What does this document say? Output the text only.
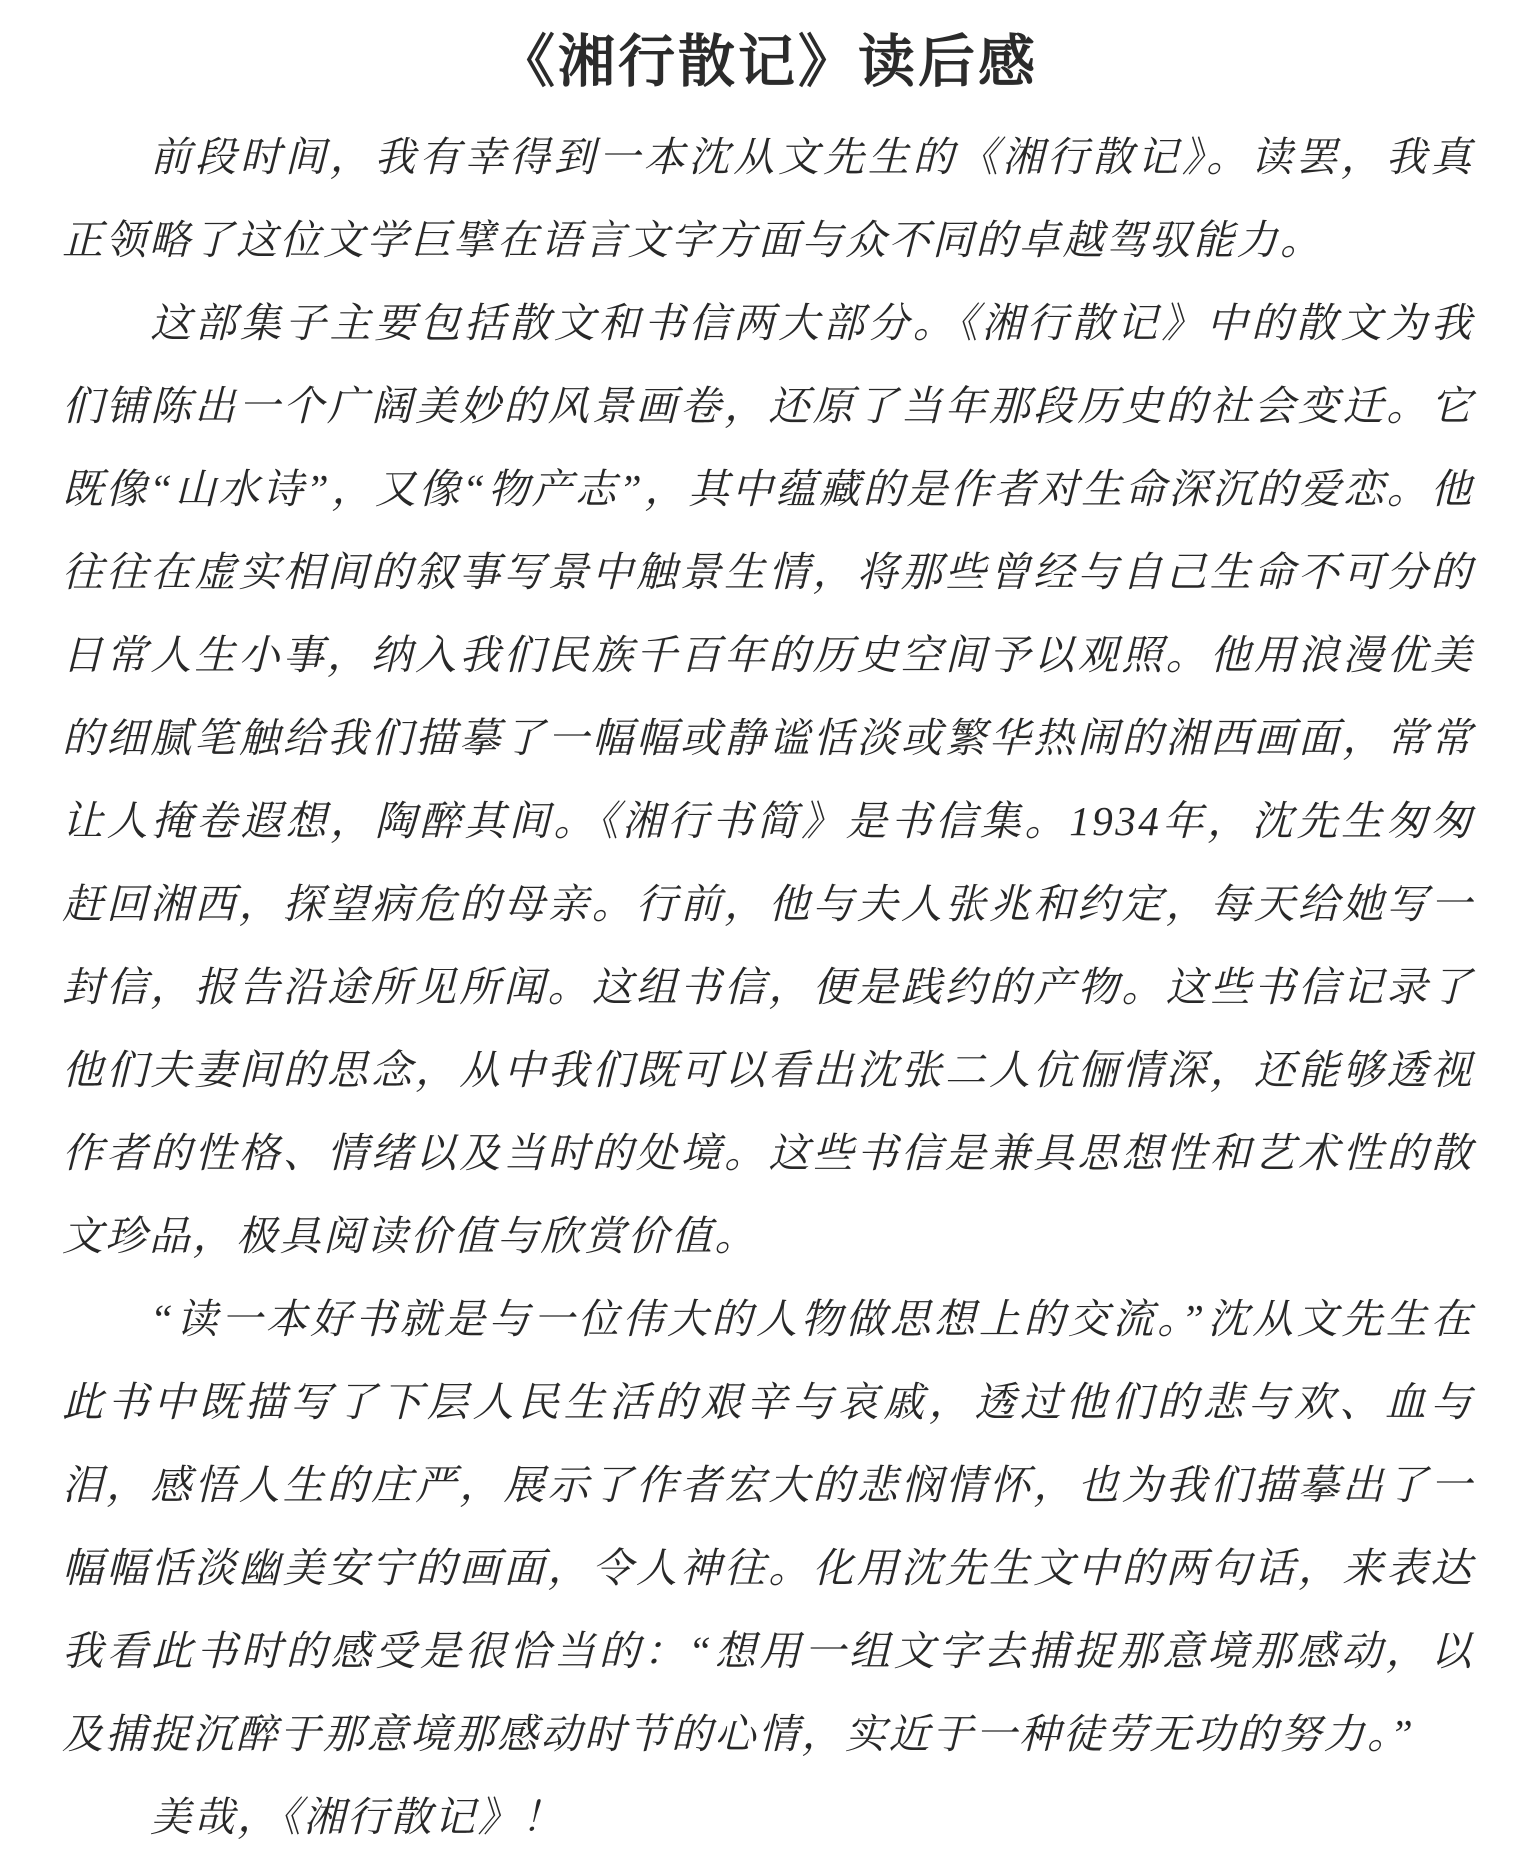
《湘行散记》读后感

前段时间，我有幸得到一本沈从文先生的《湘行散记》。读罢，我真正领略了这位文学巨擘在语言文字方面与众不同的卓越驾驭能力。

这部集子主要包括散文和书信两大部分。《湘行散记》中的散文为我们铺陈出一个广阔美妙的风景画卷，还原了当年那段历史的社会变迁。它既像“山水诗”，又像“物产志”，其中蕴藏的是作者对生命深沉的爱恋。他往往在虚实相间的叙事写景中触景生情，将那些曾经与自己生命不可分的日常人生小事，纳入我们民族千百年的历史空间予以观照。他用浪漫优美的细腻笔触给我们描摹了一幅幅或静谧恬淡或繁华热闹的湘西画面，常常让人掩卷遐想，陶醉其间。《湘行书简》是书信集。1934年，沈先生匆匆赶回湘西，探望病危的母亲。行前，他与夫人张兆和约定，每天给她写一封信，报告沿途所见所闻。这组书信，便是践约的产物。这些书信记录了他们夫妻间的思念，从中我们既可以看出沈张二人伉俪情深，还能够透视作者的性格、情绪以及当时的处境。这些书信是兼具思想性和艺术性的散文珍品，极具阅读价值与欣赏价值。

“读一本好书就是与一位伟大的人物做思想上的交流。”沈从文先生在此书中既描写了下层人民生活的艰辛与哀戚，透过他们的悲与欢、血与泪，感悟人生的庄严，展示了作者宏大的悲悯情怀，也为我们描摹出了一幅幅恬淡幽美安宁的画面，令人神往。化用沈先生文中的两句话，来表达我看此书时的感受是很恰当的：“想用一组文字去捕捉那意境那感动，以及捕捉沉醉于那意境那感动时节的心情，实近于一种徒劳无功的努力。”

美哉，《湘行散记》！
